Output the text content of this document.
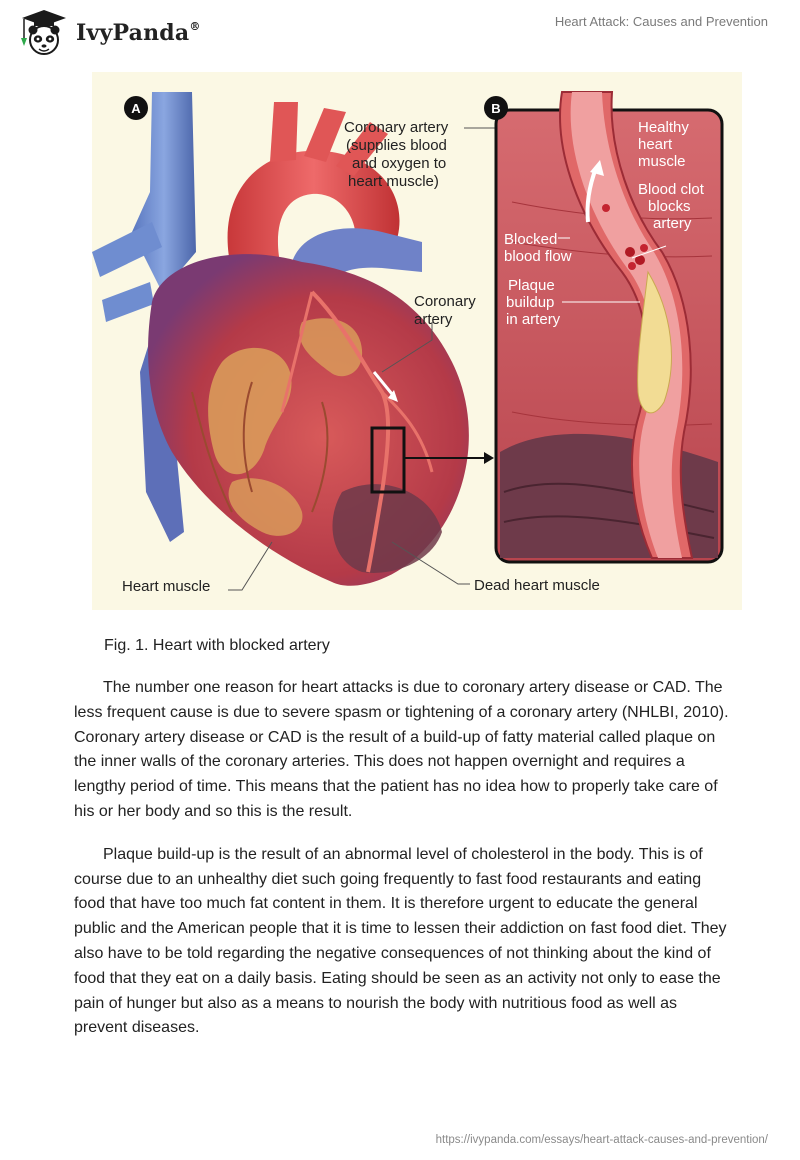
IvyPanda®	Heart Attack: Causes and Prevention
A
Coronary artery (supplies blood and oxygen to heart muscle)
Coronary artery
Heart muscle	Dead heart muscle
B
Healthy heart muscle
Blood clot blocks artery
Blocked blood flow
Plaque buildup in artery
Fig. 1. Heart with blocked artery

The number one reason for heart attacks is due to coronary artery disease or CAD. The less frequent cause is due to severe spasm or tightening of a coronary artery (NHLBI, 2010). Coronary artery disease or CAD is the result of a build-up of fatty material called plaque on the inner walls of the coronary arteries. This does not happen overnight and requires a lengthy period of time. This means that the patient has no idea how to properly take care of his or her body and so this is the result.

Plaque build-up is the result of an abnormal level of cholesterol in the body. This is of course due to an unhealthy diet such going frequently to fast food restaurants and eating food that have too much fat content in them. It is therefore urgent to educate the general public and the American people that it is time to lessen their addiction on fast food diet. They also have to be told regarding the negative consequences of not thinking about the kind of food that they eat on a daily basis. Eating should be seen as an activity not only to ease the pain of hunger but also as a means to nourish the body with nutritious food as well as prevent diseases.

https://ivypanda.com/essays/heart-attack-causes-and-prevention/
